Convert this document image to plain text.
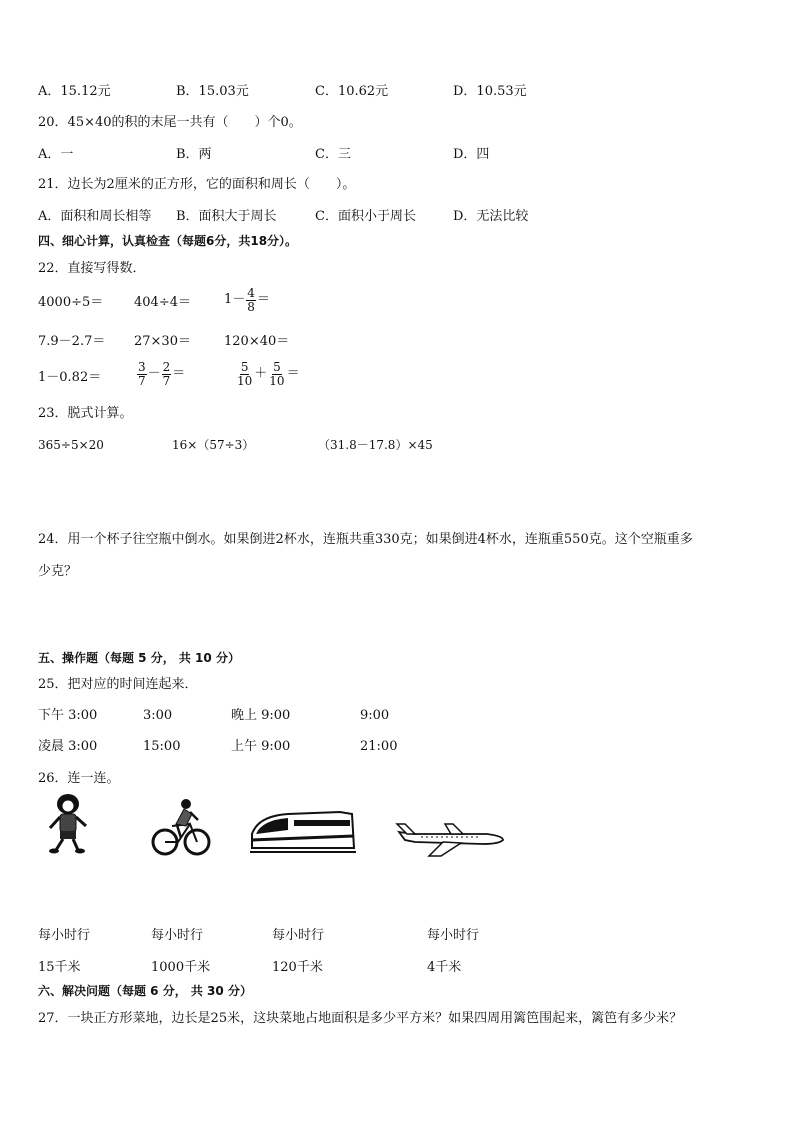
A．15.12元	B．15.03元	C．10.62元	D．10.53元
20．45×40的积的末尾一共有（　　）个0。
A．一	B．两	C．三	D．四
21．边长为2厘米的正方形，它的面积和周长（　　）。
A．面积和周长相等 B．面积大于周长	C．面积小于周长	D．无法比较
四、细心计算，认真检查（每题6分，共18分）。
22．直接写得数．
4000÷5＝ 404÷4＝	$1- \frac{4}{8}$ ＝
7.9－2.7＝ 27×30＝	120×40＝
1－0.82＝	$\frac{3}{7} - \frac{2}{7}$ ＝	$\frac{5}{10} + \frac{5}{10}$ ＝
23．脱式计算。
365÷5×20	16×（57÷3）	（31.8－17.8）×45
24．用一个杯子往空瓶中倒水。如果倒进2杯水，连瓶共重330克；如果倒进4杯水，连瓶重550克。这个空瓶重多
少克？
五、操作题（每题 5 分， 共 10 分）
25．把对应的时间连起来．
下午 3:00	3:00	晚上 9:00	9:00
凌晨 3:00	15:00	上午 9:00	21:00
26．连一连。
每小时行	每小时行	每小时行	每小时行
15千米	1000千米	120千米	4千米
六、解决问题（每题 6 分， 共 30 分）
27．一块正方形菜地，边长是25米，这块菜地占地面积是多少平方米？如果四周用篱笆围起来，篱笆有多少米？
